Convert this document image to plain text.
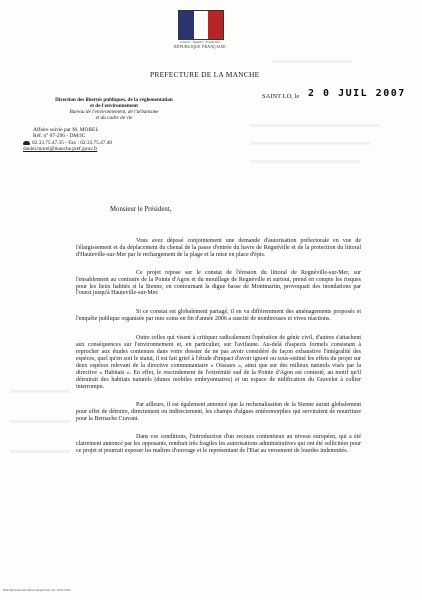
Liberté · Égalité · Fraternité
RÉPUBLIQUE FRANÇAISE
PREFECTURE DE LA MANCHE
Direction des libertés publiques, de la réglementation
et de l'environnement
Bureau de l'environnement, de l'urbanisme
et du cadre de vie
Affaire suivie par M. MOREL
Réf. n° 07-296 - DM/JC
02.33.75.47.35 - Fax : 02.33.75.47.40
daniel.morel@manche.pref.gouv.fr
SAINT LO, le 2 0 JUIL 2007
Monsieur le Président,

Vous avez déposé conjointement une demande d'autorisation préfectorale en vue de l'élargissement et du déplacement du chenal de la passe d'entrée du havre de Regnéville et de la protection du littoral d'Hauteville-sur-Mer par le rechargement de la plage et la mise en place d'épis.

Ce projet repose sur le constat de l'érosion du littoral de Regnéville-sur-Mer, sur l'ensablement au contraire de la Pointe d'Agon et du mouillage de Regnéville et surtout, prend en compte les risques pour les lieux habités si la Sienne, en contournant la digue basse de Montmartin, provoquait des inondations par l'ouest jusqu'à Hauteville-sur-Mer.

Si ce constat est globalement partagé, il en va différemment des aménagements proposés et l'enquête publique organisée par mes soins en fin d'année 2006 a suscité de nombreuses et vives réactions.

Outre celles qui visent à critiquer radicalement l'opération de génie civil, d'autres s'attachent aux conséquences sur l'environnement et, en particulier, sur l'avifaune. Au-delà d'aspects formels consistant à reprocher aux études contenues dans votre dossier de ne pas avoir considéré de façon exhaustive l'intégralité des espèces, quel qu'en soit le statut, il est fait grief à l'étude d'impact d'avoir ignoré ou sous-estimé les effets du projet sur deux espèces relevant de la directive communautaire « Oiseaux », ainsi que sur des milieux naturels visés par la directive « Habitats ». En effet, le rescindement de l'extrémité sud de la Pointe d'Agon est contesté, au motif qu'il détruirait des habitats naturels (dunes mobiles embryonnaires) et un espace de nidification du Gravelot à collier interrompu.

Par ailleurs, il est également annoncé que la rechenalisation de la Sienne aurait globalement pour effet de détruire, directement ou indirectement, les champs d'algues entéromorphes qui serviraient de nourriture pour la Bernache Cravant.

Dans ces conditions, l'introduction d'un recours contentieux au niveau européen, qui a été clairement annoncé par les opposants, rendrait très fragiles les autorisations administratives qui ont été sollicitées pour ce projet et pourrait exposer les maîtres d'ouvrage et le représentant de l'Etat au versement de lourdes indemnités.

DM/296-Président-Havre Regnéville doc 19/07/2007
